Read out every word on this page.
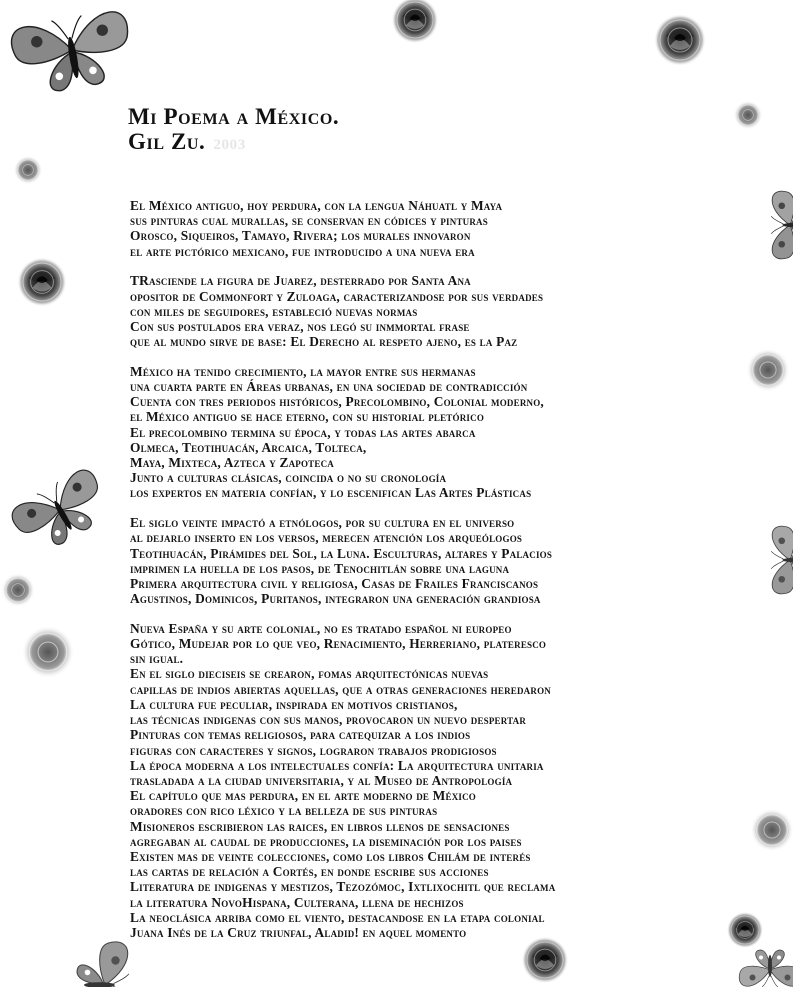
Mi Poema a México.
Gil Zu. 2003
El México antiguo, hoy perdura, con la lengua Náhuatl y Maya
sus pinturas cual murallas, se conservan en códices y pinturas
Orosco, Siqueiros, Tamayo, Rivera; los murales innovaron
el arte pictórico mexicano, fue introducido a una nueva era
TRasciende la figura de Juarez, desterrado por Santa Ana
opositor de Commonfort y Zuloaga, caracterizandose por sus verdades
con miles de seguidores, estableció nuevas normas
Con sus postulados era veraz, nos legó su inmmortal frase
que al mundo sirve de base: El Derecho al respeto ajeno, es la Paz
México ha tenido crecimiento, la mayor entre sus hermanas
una cuarta parte en Áreas urbanas, en una sociedad de contradicción
Cuenta con tres periodos históricos, Precolombino, Colonial moderno,
el México antiguo se hace eterno, con su historial pletórico
El precolombino termina su época, y todas las artes abarca
Olmeca, Teotihuacán, Arcaica, Tolteca,
Maya, Mixteca, Azteca y Zapoteca
Junto a culturas clásicas, coincida o no su cronología
los expertos en materia confían, y lo escenifican Las Artes Plásticas
El siglo veinte impactó a etnólogos, por su cultura en el universo
al dejarlo inserto en los versos, merecen atención los arqueólogos
Teotihuacán, Pirámides del Sol, la Luna. Esculturas, altares y Palacios
imprimen la huella de los pasos, de Tenochitlán sobre una laguna
Primera arquitectura civil y religiosa, Casas de Frailes Franciscanos
Agustinos, Dominicos, Puritanos, integraron una generación grandiosa
Nueva España y su arte colonial, no es tratado español ni europeo
Gótico, Mudejar por lo que veo, Renacimiento, Herreriano, plateresco
sin igual.
En el siglo dieciseis se crearon, fomas arquitectónicas nuevas
capillas de indios abiertas aquellas, que a otras generaciones heredaron
La cultura fue peculiar, inspirada en motivos cristianos,
las técnicas indigenas con sus manos, provocaron un nuevo despertar
Pinturas con temas religiosos, para catequizar a los indios
figuras con caracteres y signos, lograron trabajos prodigiosos
La época moderna a los intelectuales confía: La arquitectura unitaria
trasladada a la ciudad universitaria, y al Museo de Antropología
El capítulo que mas perdura, en el arte moderno de México
oradores con rico léxico y la belleza de sus pinturas
Misioneros escribieron las raices, en libros llenos de sensaciones
agregaban al caudal de producciones, la diseminación por los paises
Existen mas de veinte colecciones, como los libros Chilám de interés
las cartas de relación a Cortés, en donde escribe sus acciones
Literatura de indigenas y mestizos, Tezozómoc, Ixtlixochitl que reclama
la literatura NovoHispana, Culterana, llena de hechizos
La neoclásica arriba como el viento, destacandose en la etapa colonial
Juana Inés de la Cruz triunfal, Aladid! en aquel momento
